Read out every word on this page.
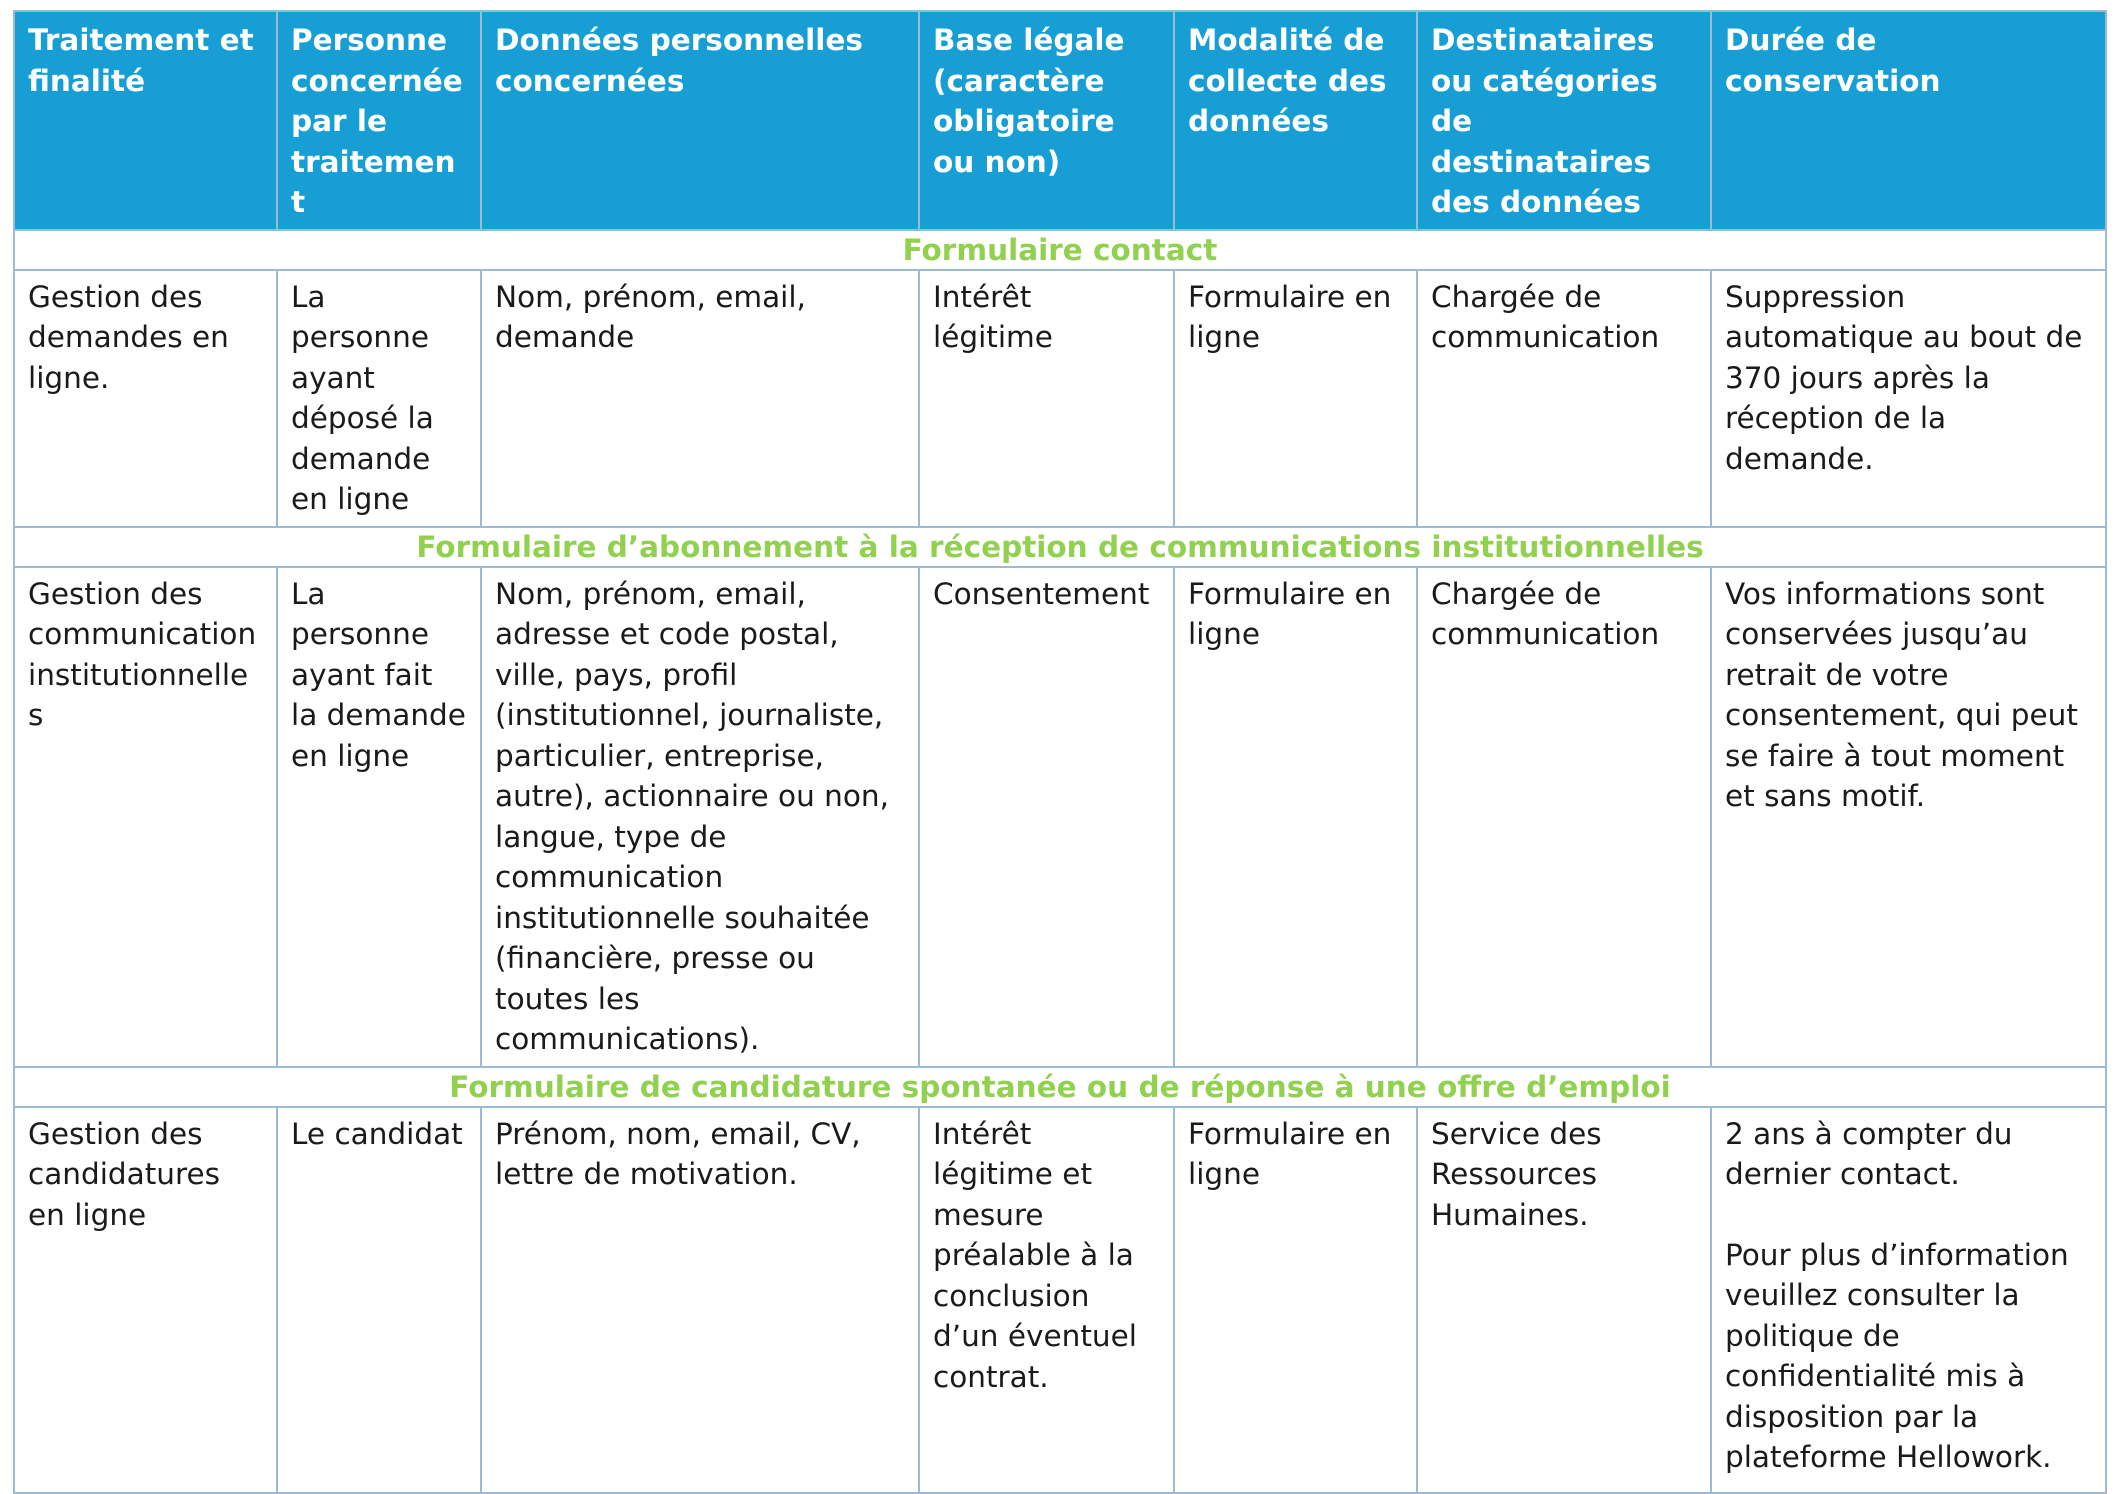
Traitement et finalité	Personne concernée par le traitement	Données personnelles concernées	Base légale (caractère obligatoire ou non)	Modalité de collecte des données	Destinataires ou catégories de destinataires des données	Durée de conservation
Formulaire contact						
Gestion des demandes en ligne.	La personne ayant déposé la demande en ligne	Nom, prénom, email, demande	Intérêt légitime	Formulaire en ligne	Chargée de communication	Suppression automatique au bout de 370 jours après la réception de la demande.
Formulaire d’abonnement à la réception de communications institutionnelles						
Gestion des communication institutionnelles	La personne ayant fait la demande en ligne	Nom, prénom, email, adresse et code postal, ville, pays, profil (institutionnel, journaliste, particulier, entreprise, autre), actionnaire ou non, langue, type de communication institutionnelle souhaitée (financière, presse ou toutes les communications).	Consentement	Formulaire en ligne	Chargée de communication	Vos informations sont conservées jusqu’au retrait de votre consentement, qui peut se faire à tout moment et sans motif.
Formulaire de candidature spontanée ou de réponse à une offre d’emploi						
Gestion des candidatures en ligne	Le candidat	Prénom, nom, email, CV, lettre de motivation.	Intérêt légitime et mesure préalable à la conclusion d’un éventuel contrat.	Formulaire en ligne	Service des Ressources Humaines.	2 ans à compter du dernier contact.
Pour plus d’information veuillez consulter la politique de confidentialité mis à disposition par la plateforme Hellowork.
